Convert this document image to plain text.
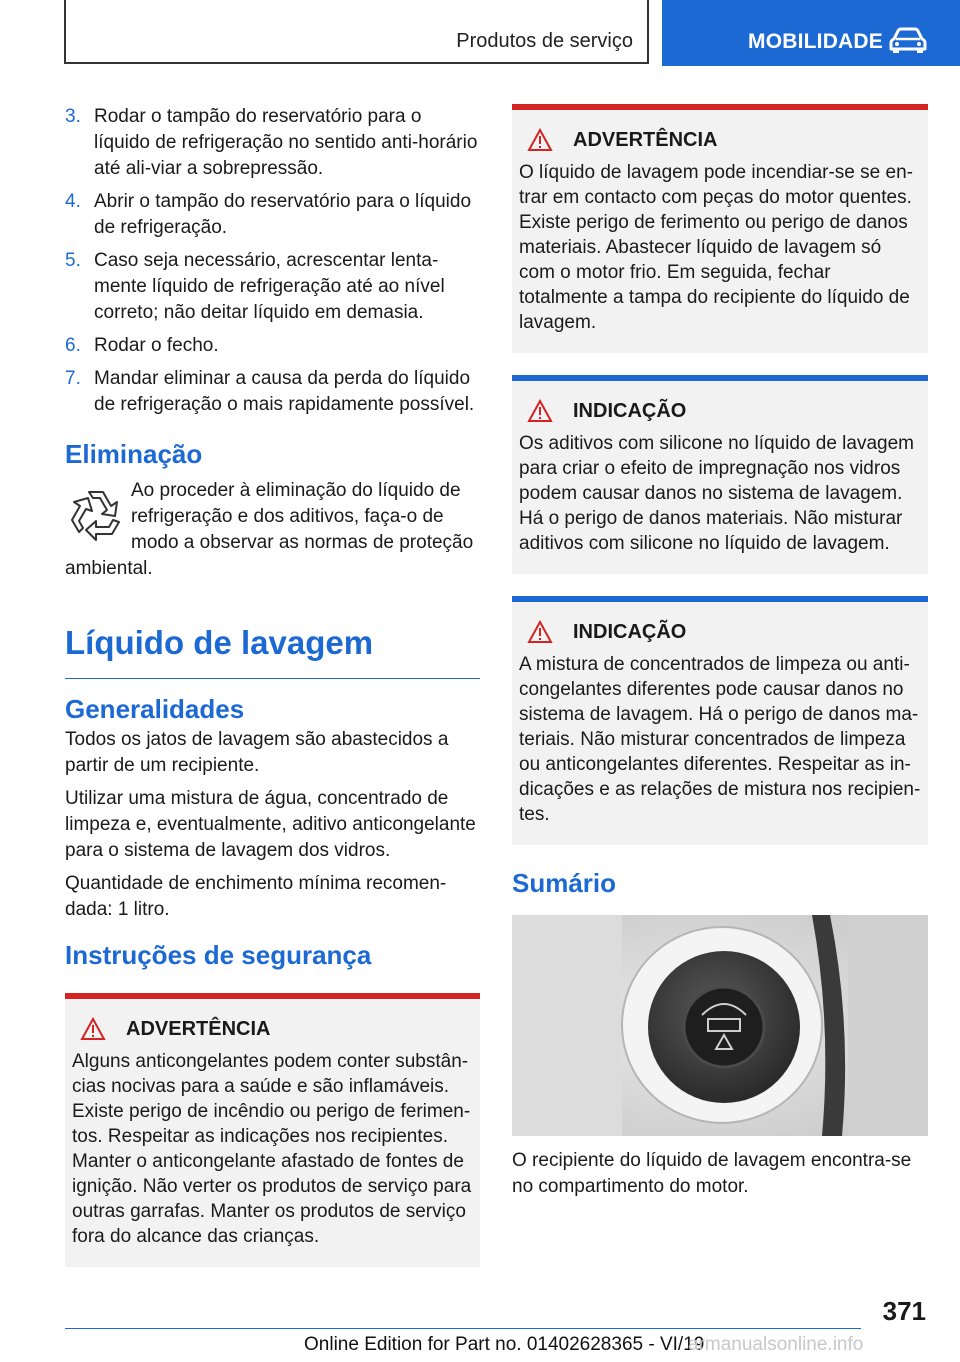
Produtos de serviço	MOBILIDADE
3. Rodar o tampão do reservatório para o líquido de refrigeração no sentido anti-horário até ali-viar a sobrepressão.
4. Abrir o tampão do reservatório para o líquido de refrigeração.
5. Caso seja necessário, acrescentar lenta-mente líquido de refrigeração até ao nível correto; não deitar líquido em demasia.
6. Rodar o fecho.
7. Mandar eliminar a causa da perda do líquido de refrigeração o mais rapidamente possível.
Eliminação
Ao proceder à eliminação do líquido de refrigeração e dos aditivos, faça-o de modo a observar as normas de proteção ambiental.
Líquido de lavagem
Generalidades

Todos os jatos de lavagem são abastecidos a partir de um recipiente.

Utilizar uma mistura de água, concentrado de limpeza e, eventualmente, aditivo anticongelante para o sistema de lavagem dos vidros.

Quantidade de enchimento mínima recomen-dada: 1 litro.

Instruções de segurança
ADVERTÊNCIA

Alguns anticongelantes podem conter substân-cias nocivas para a saúde e são inflamáveis. Existe perigo de incêndio ou perigo de ferimen-tos. Respeitar as indicações nos recipientes. Manter o anticongelante afastado de fontes de ignição. Não verter os produtos de serviço para outras garrafas. Manter os produtos de serviço fora do alcance das crianças.

ADVERTÊNCIA

O líquido de lavagem pode incendiar-se se en-trar em contacto com peças do motor quentes. Existe perigo de ferimento ou perigo de danos materiais. Abastecer líquido de lavagem só com o motor frio. Em seguida, fechar totalmente a tampa do recipiente do líquido de lavagem.

INDICAÇÃO

Os aditivos com silicone no líquido de lavagem para criar o efeito de impregnação nos vidros podem causar danos no sistema de lavagem. Há o perigo de danos materiais. Não misturar aditivos com silicone no líquido de lavagem.

INDICAÇÃO

A mistura de concentrados de limpeza ou anti-congelantes diferentes pode causar danos no sistema de lavagem. Há o perigo de danos ma-teriais. Não misturar concentrados de limpeza ou anticongelantes diferentes. Respeitar as in-dicações e as relações de mistura nos recipien-tes.

Sumário

O recipiente do líquido de lavagem encontra-se no compartimento do motor.

371
Online Edition for Part no. 01402628365 - VI/19
armanualsonline.info
